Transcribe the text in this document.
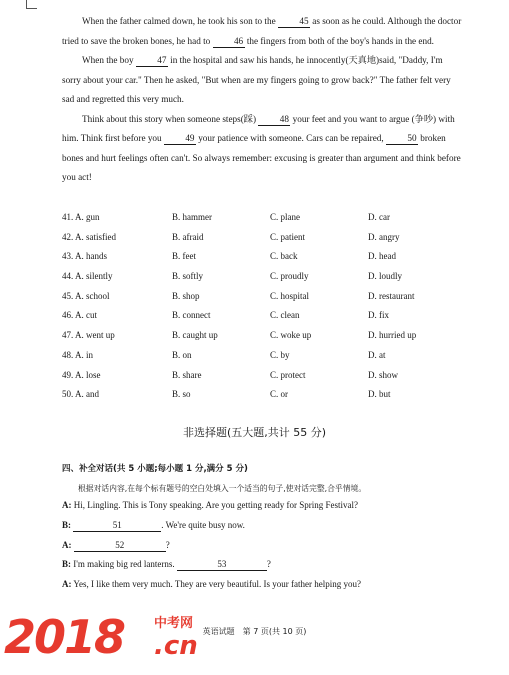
When the father calmed down, he took his son to the	45 as soon as he could. Although the doctor tried to save the broken bones, he had to	46 the fingers from both of the boy's hands in the end.

When the boy	47 in the hospital and saw his hands, he innocently(天真地)said, "Daddy, I'm sorry about your car." Then he asked, "But when are my fingers going to grow back?" The father felt very sad and regretted this very much.

Think about this story when someone steps(踩)	48 your feet and you want to argue (争吵) with him. Think first before you	49 your patience with someone. Cars can be repaired,	50 broken bones and hurt feelings often can't. So always remember: excusing is greater than argument and think before you act!

41. A. gun	B. hammer	C. plane	D. car
42. A. satisfied	B. afraid	C. patient	D. angry
43. A. hands	B. feet	C. back	D. head
44. A. silently	B. softly	C. proudly	D. loudly
45. A. school	B. shop	C. hospital	D. restaurant
46. A. cut	B. connect	C. clean	D. fix
47. A. went up	B. caught up	C. woke up	D. hurried up
48. A. in	B. on	C. by	D. at
49. A. lose	B. share	C. protect	D. show
50. A. and	B. so	C. or	D. but
非选择题(五大题,共计 55 分)
四、补全对话(共 5 小题;每小题 1 分,满分 5 分)
根据对话内容,在每个标有题号的空白处填入一个适当的句子,使对话完整,合乎情境。

A: Hi, Lingling. This is Tony speaking. Are you getting ready for Spring Festival?

B:	51	. We're quite busy now.

A:	52	?

B: I'm making big red lanterns.	53	?

A: Yes, I like them very much. They are very beautiful. Is your father helping you?

英语试题　第 7 页(共 10 页)
2018 中考网
.cn
